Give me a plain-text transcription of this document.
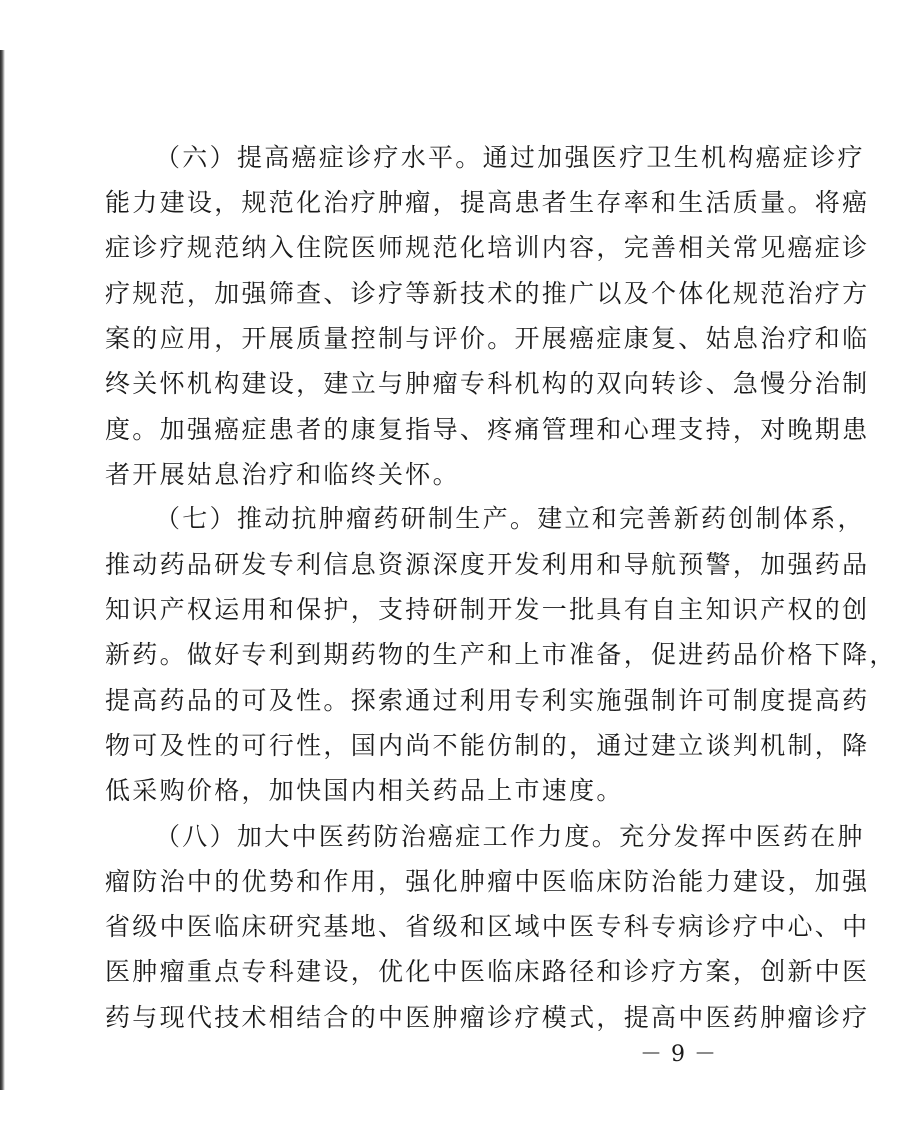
（六）提高癌症诊疗水平。通过加强医疗卫生机构癌症诊疗
能力建设，规范化治疗肿瘤，提高患者生存率和生活质量。将癌
症诊疗规范纳入住院医师规范化培训内容，完善相关常见癌症诊
疗规范，加强筛查、诊疗等新技术的推广以及个体化规范治疗方
案的应用，开展质量控制与评价。开展癌症康复、姑息治疗和临
终关怀机构建设，建立与肿瘤专科机构的双向转诊、急慢分治制
度。加强癌症患者的康复指导、疼痛管理和心理支持，对晚期患
者开展姑息治疗和临终关怀。
（七）推动抗肿瘤药研制生产。建立和完善新药创制体系，
推动药品研发专利信息资源深度开发利用和导航预警，加强药品
知识产权运用和保护，支持研制开发一批具有自主知识产权的创
新药。做好专利到期药物的生产和上市准备，促进药品价格下降，
提高药品的可及性。探索通过利用专利实施强制许可制度提高药
物可及性的可行性，国内尚不能仿制的，通过建立谈判机制，降
低采购价格，加快国内相关药品上市速度。
（八）加大中医药防治癌症工作力度。充分发挥中医药在肿
瘤防治中的优势和作用，强化肿瘤中医临床防治能力建设，加强
省级中医临床研究基地、省级和区域中医专科专病诊疗中心、中
医肿瘤重点专科建设，优化中医临床路径和诊疗方案，创新中医
药与现代技术相结合的中医肿瘤诊疗模式，提高中医药肿瘤诊疗
－ 9 －
